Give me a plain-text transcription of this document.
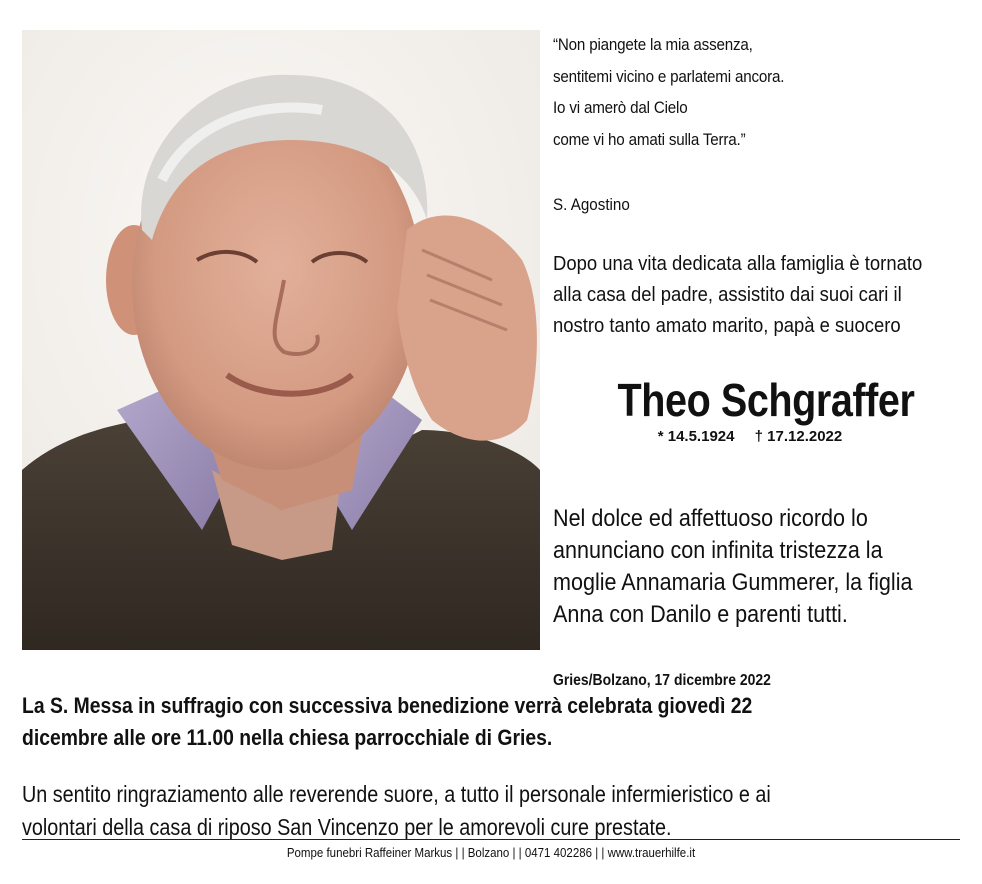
“Non piangete la mia assenza,
sentitemi vicino e parlatemi ancora.
Io vi amerò dal Cielo
come vi ho amati sulla Terra.”
S. Agostino
Dopo una vita dedicata alla famiglia è tornato
alla casa del padre, assistito dai suoi cari il
nostro tanto amato marito, papà e suocero
Theo Schgraffer
* 14.5.1924 † 17.12.2022
Nel dolce ed affettuoso ricordo lo
annunciano con infinita tristezza la
moglie Annamaria Gummerer, la figlia
Anna con Danilo e parenti tutti.
Gries/Bolzano, 17 dicembre 2022
La S. Messa in suffragio con successiva benedizione verrà celebrata giovedì 22
dicembre alle ore 11.00 nella chiesa parrocchiale di Gries.
Un sentito ringraziamento alle reverende suore, a tutto il personale infermieristico e ai
volontari della casa di riposo San Vincenzo per le amorevoli cure prestate.
Pompe funebri Raffeiner Markus | | Bolzano | | 0471 402286 | | www.trauerhilfe.it
